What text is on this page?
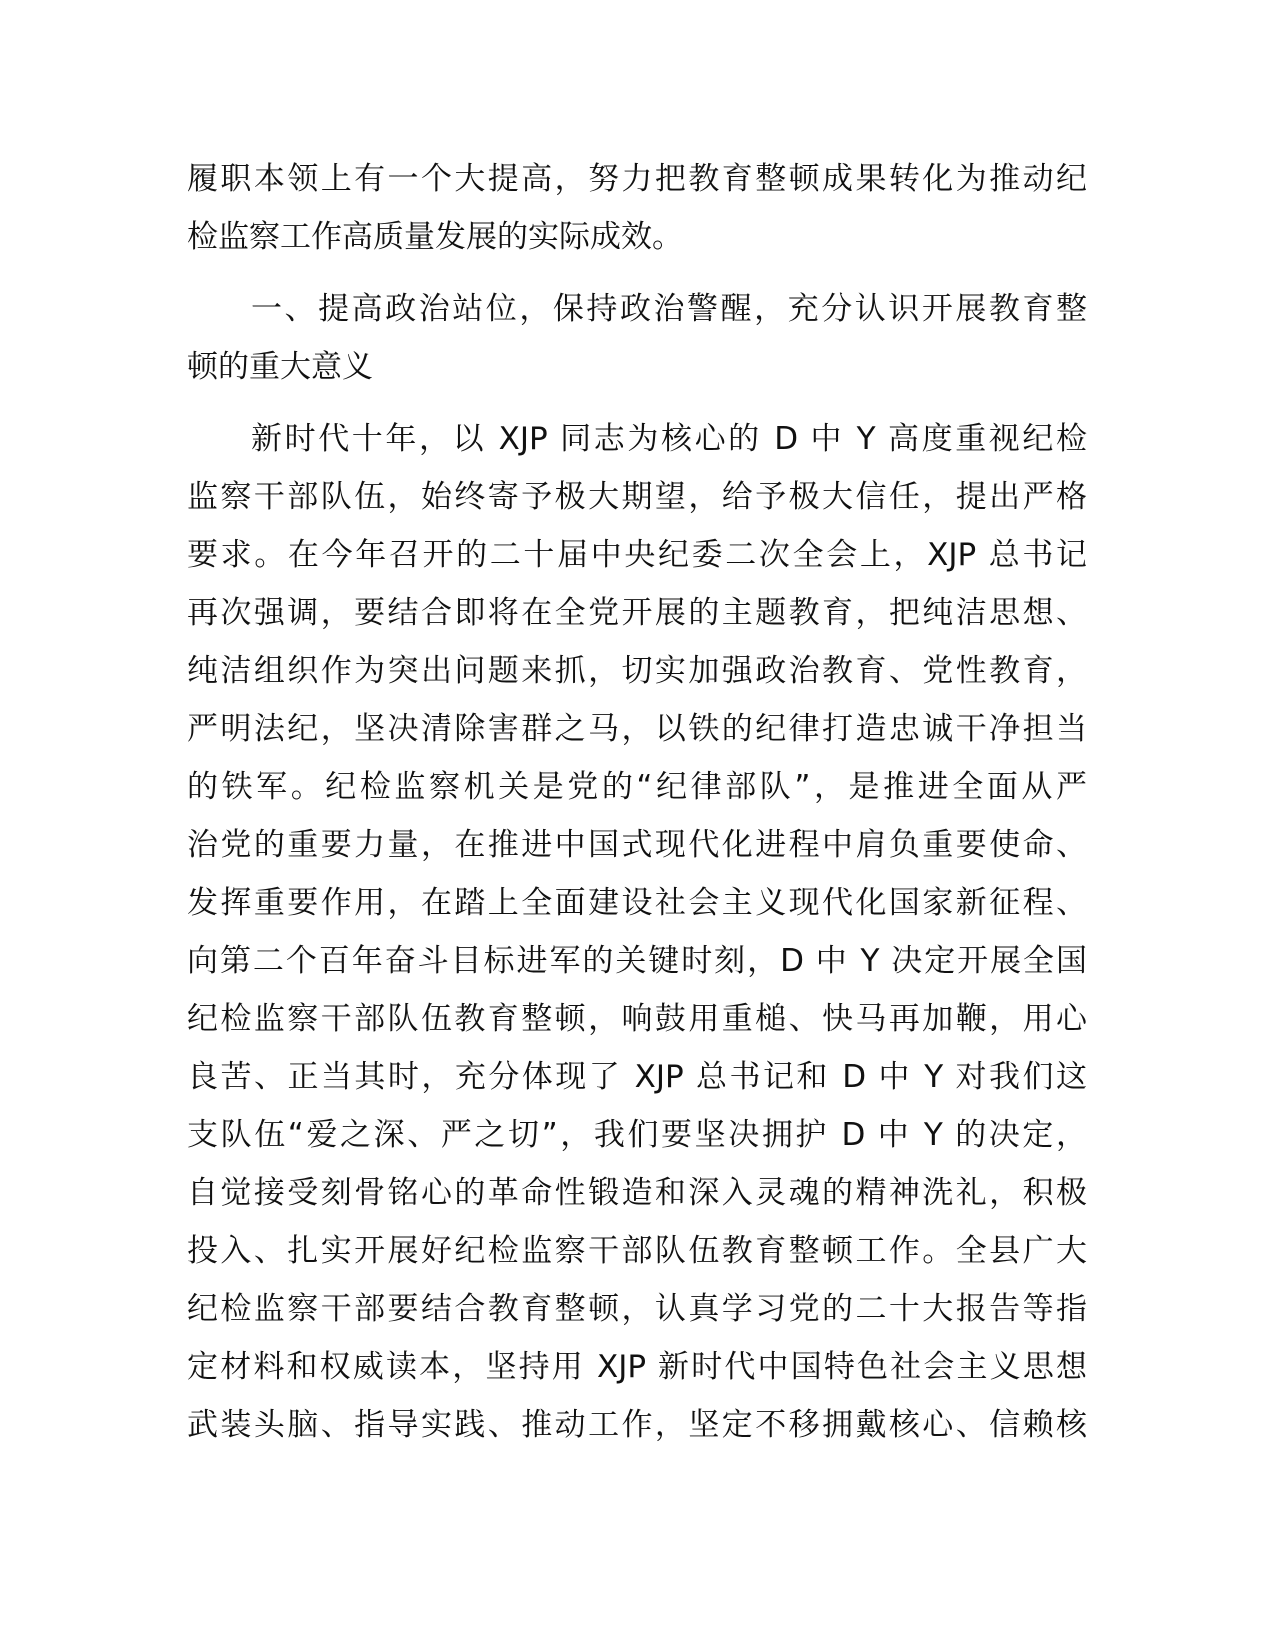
履职本领上有一个大提高，努力把教育整顿成果转化为推动纪
检监察工作高质量发展的实际成效。
一、提高政治站位，保持政治警醒，充分认识开展教育整
顿的重大意义
新时代十年，以 XJP 同志为核心的 D 中 Y 高度重视纪检
监察干部队伍，始终寄予极大期望，给予极大信任，提出严格
要求。在今年召开的二十届中央纪委二次全会上，XJP 总书记
再次强调，要结合即将在全党开展的主题教育，把纯洁思想、
纯洁组织作为突出问题来抓，切实加强政治教育、党性教育，
严明法纪，坚决清除害群之马，以铁的纪律打造忠诚干净担当
的铁军。纪检监察机关是党的“纪律部队”，是推进全面从严
治党的重要力量，在推进中国式现代化进程中肩负重要使命、
发挥重要作用，在踏上全面建设社会主义现代化国家新征程、
向第二个百年奋斗目标进军的关键时刻，D 中 Y 决定开展全国
纪检监察干部队伍教育整顿，响鼓用重槌、快马再加鞭，用心
良苦、正当其时，充分体现了 XJP 总书记和 D 中 Y 对我们这
支队伍“爱之深、严之切”，我们要坚决拥护 D 中 Y 的决定，
自觉接受刻骨铭心的革命性锻造和深入灵魂的精神洗礼，积极
投入、扎实开展好纪检监察干部队伍教育整顿工作。全县广大
纪检监察干部要结合教育整顿，认真学习党的二十大报告等指
定材料和权威读本，坚持用 XJP 新时代中国特色社会主义思想
武装头脑、指导实践、推动工作，坚定不移拥戴核心、信赖核
